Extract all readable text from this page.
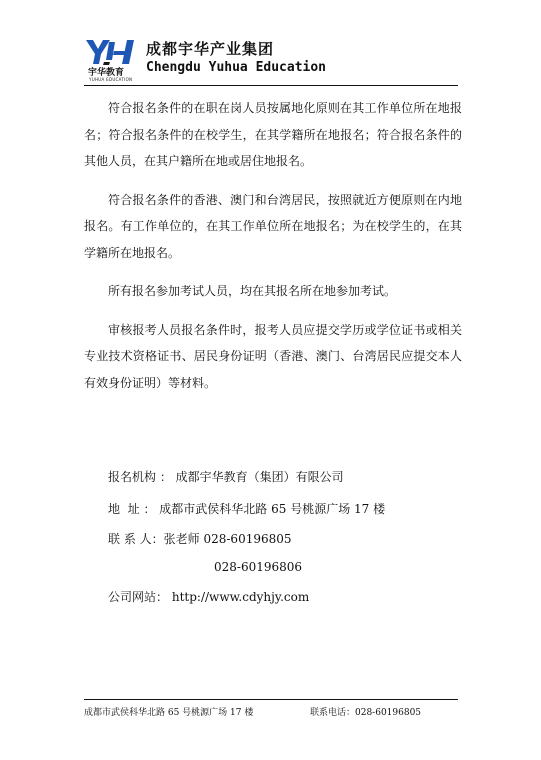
宇华教育
YUHUA EDUCATION
成都宇华产业集团
Chengdu Yuhua Education

符合报名条件的在职在岗人员按属地化原则在其工作单位所在地报名；符合报名条件的在校学生，在其学籍所在地报名；符合报名条件的其他人员，在其户籍所在地或居住地报名。

符合报名条件的香港、澳门和台湾居民，按照就近方便原则在内地报名。有工作单位的，在其工作单位所在地报名；为在校学生的，在其学籍所在地报名。

所有报名参加考试人员，均在其报名所在地参加考试。

审核报考人员报名条件时，报考人员应提交学历或学位证书或相关专业技术资格证书、居民身份证明（香港、澳门、台湾居民应提交本人有效身份证明）等材料。

报名机构 ： 成都宇华教育（集团）有限公司
地  址 ： 成都市武侯科华北路 65 号桃源广场 17 楼
联 系 人：张老师 028-60196805
028-60196806
公司网站： http://www.cdyhjy.com
成都市武侯科华北路 65 号桃源广场 17 楼	联系电话：028-60196805
